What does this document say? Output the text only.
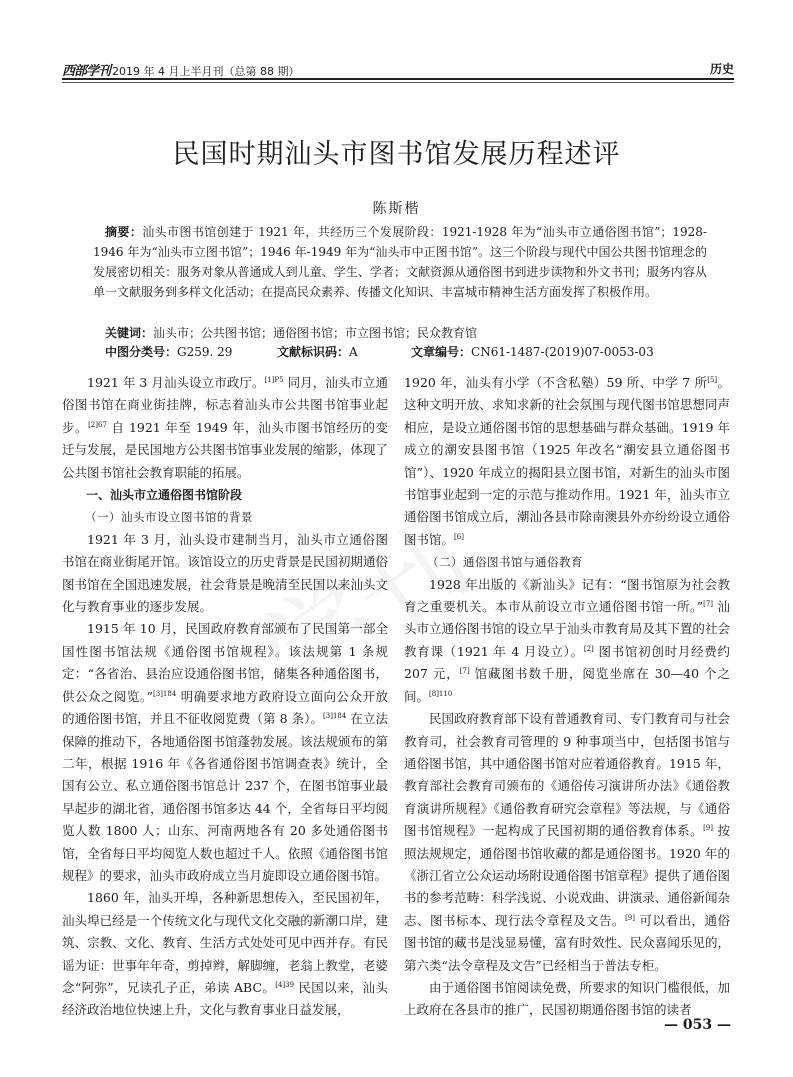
西部学刊 2019 年 4 月上半月刊（总第 88 期）	历史
民国时期汕头市图书馆发展历程述评
陈斯楷
摘要：汕头市图书馆创建于 1921 年，共经历三个发展阶段：1921-1928 年为“汕头市立通俗图书馆”；1928-1946 年为“汕头市立图书馆”；1946 年-1949 年为“汕头市中正图书馆”。这三个阶段与现代中国公共图书馆理念的发展密切相关：服务对象从普通成人到儿童、学生、学者；文献资源从通俗图书到进步读物和外文书刊；服务内容从单一文献服务到多样文化活动；在提高民众素养、传播文化知识、丰富城市精神生活方面发挥了积极作用。
关键词：汕头市；公共图书馆；通俗图书馆；市立图书馆；民众教育馆
中图分类号： G259. 29	文献标识码： A	文章编号： CN61-1487-(2019)07-0053-03

1921 年 3 月汕头设立市政厅。$^{[1]P5}$ 同月，汕头市立通俗图书馆在商业街挂牌，标志着汕头市公共图书馆事业起步。$^{[2]67}$ 自 1921 年至 1949 年，汕头市图书馆经历的变迁与发展，是民国地方公共图书馆事业发展的缩影，体现了公共图书馆社会教育职能的拓展。

一、汕头市立通俗图书馆阶段

（一）汕头市设立图书馆的背景

1921 年 3 月，汕头设市建制当月，汕头市立通俗图书馆在商业街尾开馆。该馆设立的历史背景是民国初期通俗图书馆在全国迅速发展，社会背景是晚清至民国以来汕头文化与教育事业的逐步发展。

1915 年 10 月，民国政府教育部颁布了民国第一部全国性图书馆法规《通俗图书馆规程》。该法规第 1 条规定：“各省治、县治应设通俗图书馆，储集各种通俗图书，供公众之阅览。”$^{[3]184}$ 明确要求地方政府设立面向公众开放的通俗图书馆，并且不征收阅览费（第 8 条）。$^{[3]184}$ 在立法保障的推动下，各地通俗图书馆蓬勃发展。该法规颁布的第二年，根据 1916 年《各省通俗图书馆调查表》统计，全国有公立、私立通俗图书馆总计 237 个，在图书馆事业最早起步的湖北省，通俗图书馆多达 44 个，全省每日平均阅览人数 1800 人；山东、河南两地各有 20 多处通俗图书馆，全省每日平均阅览人数也超过千人。依照《通俗图书馆规程》的要求，汕头市政府成立当月旋即设立通俗图书馆。

1860 年，汕头开埠，各种新思想传入，至民国初年，汕头埠已经是一个传统文化与现代文化交融的新潮口岸，建筑、宗教、文化、教育、生活方式处处可见中西并存。有民谣为证：世事年年奇，剪掉辫，解脚缠，老翁上教堂，老婆念“阿弥”，兄读孔子正，弟读 ABC。$^{[4]39}$ 民国以来，汕头经济政治地位快速上升，文化与教育事业日益发展，

1920 年，汕头有小学（不含私塾）59 所、中学 7 所[5]。这种文明开放、求知求新的社会氛围与现代图书馆思想同声相应，是设立通俗图书馆的思想基础与群众基础。1919 年成立的潮安县图书馆（1925 年改名“潮安县立通俗图书馆”）、1920 年成立的揭阳县立图书馆，对新生的汕头市图书馆事业起到一定的示范与推动作用。1921 年，汕头市立通俗图书馆成立后，潮汕各县市除南澳县外亦纷纷设立通俗图书馆。[6]

（二）通俗图书馆与通俗教育

1928 年出版的《新汕头》记有：“图书馆原为社会教育之重要机关。本市从前设立市立通俗图书馆一所。”[7] 汕头市立通俗图书馆的设立早于汕头市教育局及其下置的社会教育课（1921 年 4 月设立）。[2] 图书馆初创时月经费约 207 元，[7] 馆藏图书数千册，阅览坐席在 30—40 个之间。$^{[8]110}$

民国政府教育部下设有普通教育司、专门教育司与社会教育司，社会教育司管理的 9 种事项当中，包括图书馆与通俗图书馆，其中通俗图书馆对应着通俗教育。1915 年，教育部社会教育司颁布的《通俗传习演讲所办法》《通俗教育演讲所规程》《通俗教育研究会章程》等法规，与《通俗图书馆规程》一起构成了民国初期的通俗教育体系。[9] 按照法规规定，通俗图书馆收藏的都是通俗图书。1920 年的《浙江省立公众运动场附设通俗图书馆章程》提供了通俗图书的参考范畴：科学浅说、小说戏曲、讲演录、通俗新闻杂志、图书标本、现行法令章程及文告。[9] 可以看出，通俗图书馆的藏书是浅显易懂，富有时效性、民众喜闻乐见的，第六类“法令章程及文告”已经相当于普法专柜。

由于通俗图书馆阅读免费，所要求的知识门槛很低，加上政府在各县市的推广，民国初期通俗图书馆的读者

— 053 —
